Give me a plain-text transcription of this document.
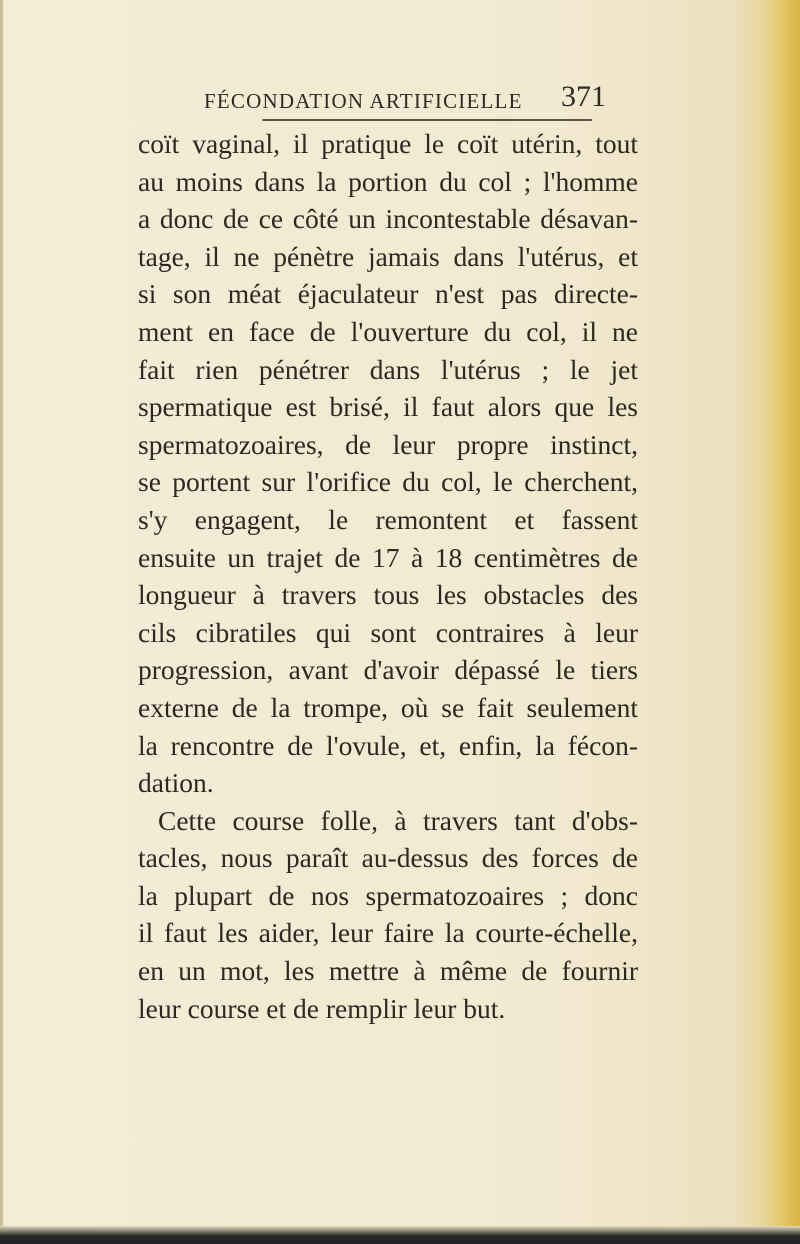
FÉCONDATION ARTIFICIELLE 371
coït vaginal, il pratique le coït utérin, tout
au moins dans la portion du col ; l'homme
a donc de ce côté un incontestable désavan-
tage, il ne pénètre jamais dans l'utérus, et
si son méat éjaculateur n'est pas directe-
ment en face de l'ouverture du col, il ne
fait rien pénétrer dans l'utérus ; le jet
spermatique est brisé, il faut alors que les
spermatozoaires, de leur propre instinct,
se portent sur l'orifice du col, le cherchent,
s'y engagent, le remontent et fassent
ensuite un trajet de 17 à 18 centimètres de
longueur à travers tous les obstacles des
cils cibratiles qui sont contraires à leur
progression, avant d'avoir dépassé le tiers
externe de la trompe, où se fait seulement
la rencontre de l'ovule, et, enfin, la fécon-
dation.
Cette course folle, à travers tant d'obs-
tacles, nous paraît au-dessus des forces de
la plupart de nos spermatozoaires ; donc
il faut les aider, leur faire la courte-échelle,
en un mot, les mettre à même de fournir
leur course et de remplir leur but.
